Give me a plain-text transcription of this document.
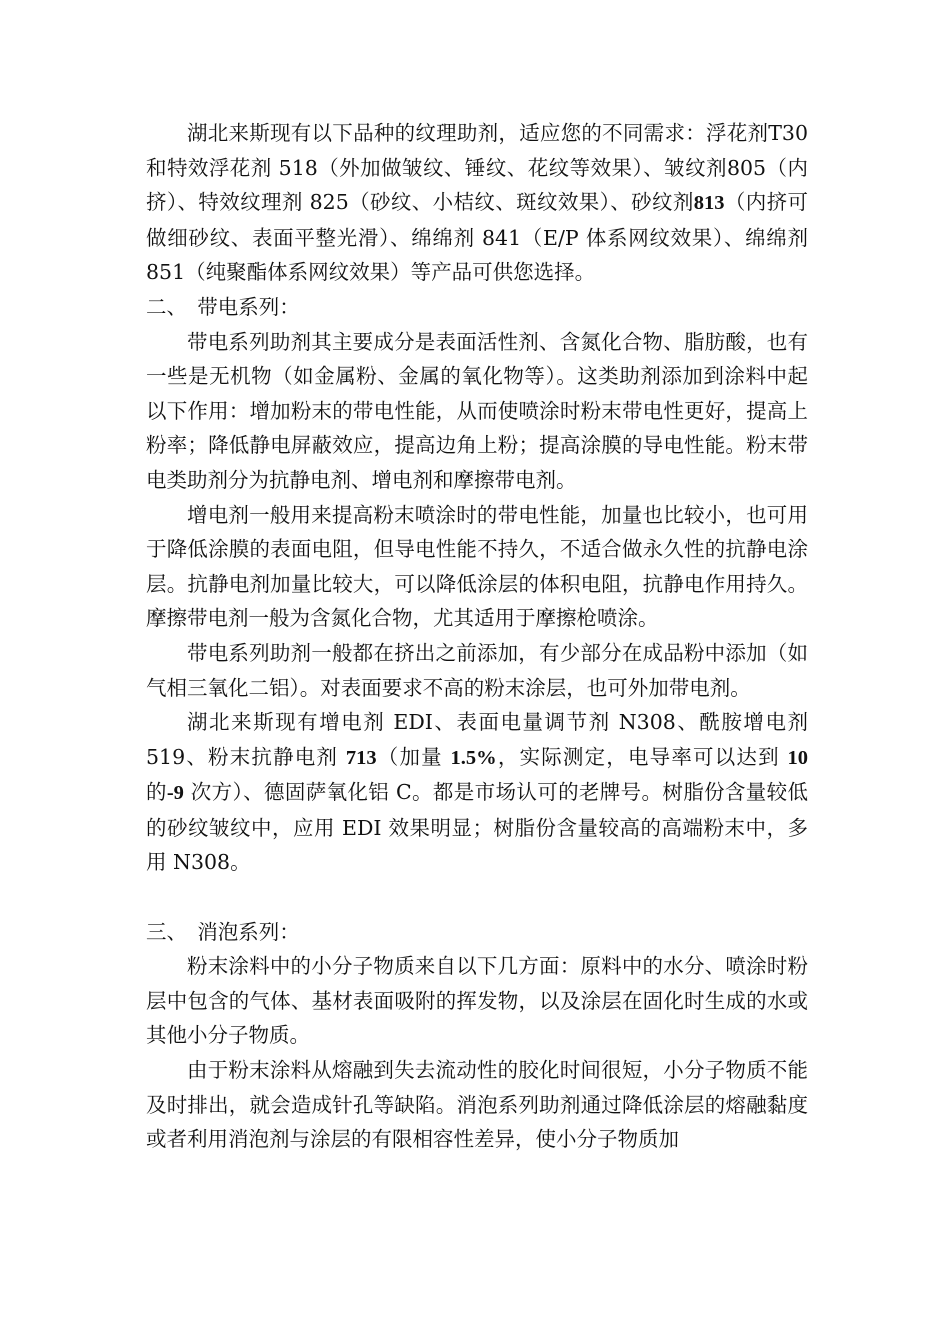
湖北来斯现有以下品种的纹理助剂，适应您的不同需求：浮花剂T30 和特效浮花剂 518（外加做皱纹、锤纹、花纹等效果）、皱纹剂805（内挤）、特效纹理剂 825（砂纹、小桔纹、斑纹效果）、砂纹剂813（内挤可做细砂纹、表面平整光滑）、绵绵剂 841（E/P 体系网纹效果）、绵绵剂 851（纯聚酯体系网纹效果）等产品可供您选择。

二、　带电系列：

带电系列助剂其主要成分是表面活性剂、含氮化合物、脂肪酸，也有一些是无机物（如金属粉、金属的氧化物等）。这类助剂添加到涂料中起以下作用：增加粉末的带电性能，从而使喷涂时粉末带电性更好，提高上粉率；降低静电屏蔽效应，提高边角上粉；提高涂膜的导电性能。粉末带电类助剂分为抗静电剂、增电剂和摩擦带电剂。

增电剂一般用来提高粉末喷涂时的带电性能，加量也比较小，也可用于降低涂膜的表面电阻，但导电性能不持久，不适合做永久性的抗静电涂层。抗静电剂加量比较大，可以降低涂层的体积电阻，抗静电作用持久。摩擦带电剂一般为含氮化合物，尤其适用于摩擦枪喷涂。

带电系列助剂一般都在挤出之前添加，有少部分在成品粉中添加（如气相三氧化二铝）。对表面要求不高的粉末涂层，也可外加带电剂。

湖北来斯现有增电剂 EDI、表面电量调节剂 N308、酰胺增电剂519、粉末抗静电剂 713（加量 1.5%，实际测定，电导率可以达到 10的-9 次方）、德固萨氧化铝 C。都是市场认可的老牌号。树脂份含量较低的砂纹皱纹中，应用 EDI 效果明显；树脂份含量较高的高端粉末中，多用 N308。

三、　消泡系列：

粉末涂料中的小分子物质来自以下几方面：原料中的水分、喷涂时粉层中包含的气体、基材表面吸附的挥发物，以及涂层在固化时生成的水或其他小分子物质。

由于粉末涂料从熔融到失去流动性的胶化时间很短，小分子物质不能及时排出，就会造成针孔等缺陷。消泡系列助剂通过降低涂层的熔融黏度或者利用消泡剂与涂层的有限相容性差异，使小分子物质加
